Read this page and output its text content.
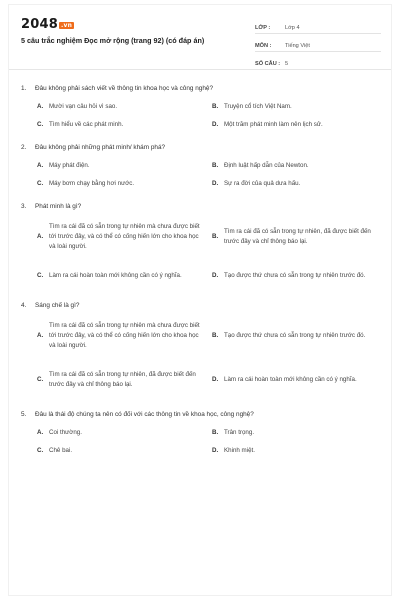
2048 .vn
5 câu trắc nghiệm Đọc mở rộng (trang 92) (có đáp án)
LỚP :	Lớp 4
MÔN :	Tiếng Việt
SỐ CÂU : 5
1.	Đâu không phải sách viết về thông tin khoa học và công nghệ?
A. Mười vạn câu hỏi vì sao.	B. Truyện cổ tích Việt Nam.
C. Tìm hiểu về các phát minh.	D. Một trăm phát minh làm nên lịch sử.
2.	Đâu không phải những phát minh/ khám phá?
A. Máy phát điện.	B. Định luật hấp dẫn của Newton.
C. Máy bơm chạy bằng hơi nước.	D. Sự ra đời của quả dưa hấu.
3.	Phát minh là gì?
A.
Tìm ra cái đã có sẵn trong tự nhiên mà chưa được biết tới trước đây, và có thể có cống hiến lớn cho khoa học và loài người.
B.
Tìm ra cái đã có sẵn trong tự nhiên, đã được biết đến trước đây và chỉ thông báo lại.
C. Làm ra cái hoàn toàn mới không cần có ý nghĩa.	D. Tạo được thứ chưa có sẵn trong tự nhiên trước đó.
4.	Sáng chế là gì?
A.
Tìm ra cái đã có sẵn trong tự nhiên mà chưa được biết tới trước đây, và có thể có cống hiến lớn cho khoa học và loài người.
B. Tạo được thứ chưa có sẵn trong tự nhiên trước đó.
C.
Tìm ra cái đã có sẵn trong tự nhiên, đã được biết đến trước đây và chỉ thông báo lại.
D. Làm ra cái hoàn toàn mới không cần có ý nghĩa.
5.	Đâu là thái độ chúng ta nên có đối với các thông tin về khoa học, công nghệ?
A. Coi thường.	B. Trân trọng.
C. Chê bai.	D. Khinh miệt.
